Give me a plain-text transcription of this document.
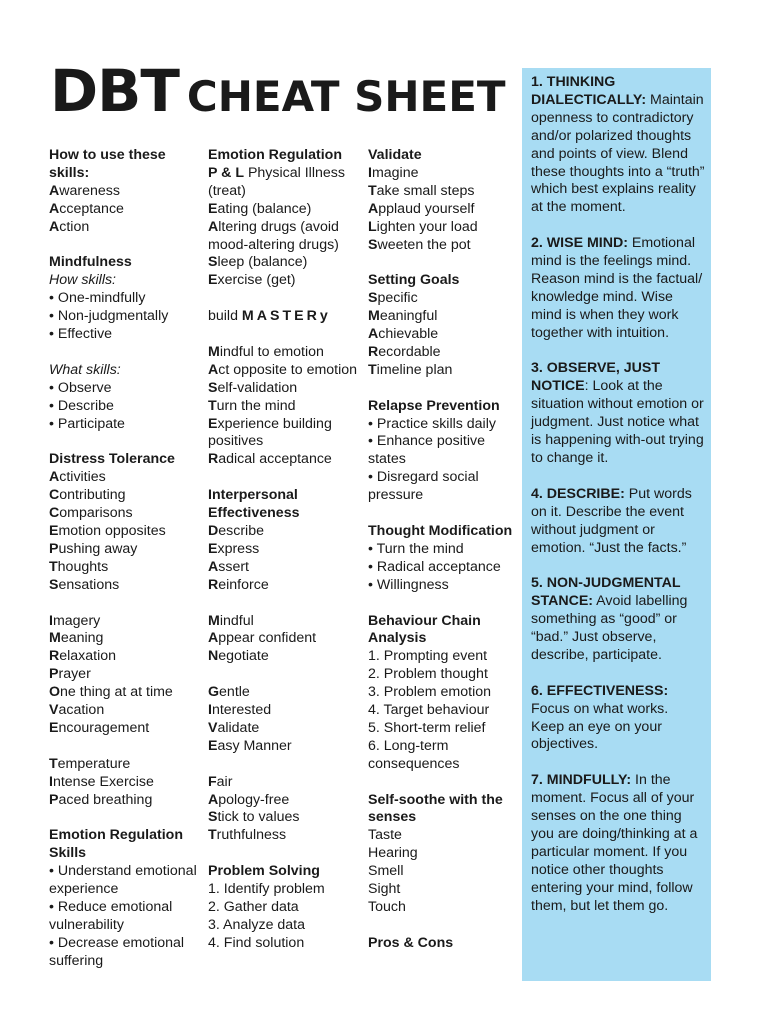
DBT CHEAT SHEET

How to use these skills:

Awareness

Acceptance

Action

Mindfulness

How skills:

• One-mindfully

• Non-judgmentally

• Effective

What skills:

• Observe

• Describe

• Participate

Distress Tolerance

Activities

Contributing

Comparisons

Emotion opposites

Pushing away

Thoughts

Sensations

Imagery

Meaning

Relaxation

Prayer

One thing at at time

Vacation

Encouragement

Temperature

Intense Exercise

Paced breathing

Emotion Regulation Skills

• Understand emotional experience

• Reduce emotional vulnerability

• Decrease emotional suffering

Emotion Regulation

P & L Physical Illness (treat)

Eating (balance)

Altering drugs (avoid mood-altering drugs)

Sleep (balance)

Exercise (get)

build MASTERy

Mindful to emotion

Act opposite to emotion

Self-validation

Turn the mind

Experience building positives

Radical acceptance

Interpersonal Effectiveness

Describe

Express

Assert

Reinforce

Mindful

Appear confident

Negotiate

Gentle

Interested

Validate

Easy Manner

Fair

Apology-free

Stick to values

Truthfulness

Problem Solving

1. Identify problem

2. Gather data

3. Analyze data

4. Find solution

Validate

Imagine

Take small steps

Applaud yourself

Lighten your load

Sweeten the pot

Setting Goals

Specific

Meaningful

Achievable

Recordable

Timeline plan

Relapse Prevention

• Practice skills daily

• Enhance positive states

• Disregard social pressure

Thought Modification

• Turn the mind

• Radical acceptance

• Willingness

Behaviour Chain Analysis

1. Prompting event

2. Problem thought

3. Problem emotion

4. Target behaviour

5. Short-term relief

6. Long-term consequences

Self-soothe with the senses

Taste

Hearing

Smell

Sight

Touch

Pros & Cons

1. THINKING DIALECTICALLY: Maintain openness to contradictory and/or polarized thoughts and points of view. Blend these thoughts into a “truth” which best explains reality at the moment.
2. WISE MIND: Emotional mind is the feelings mind. Reason mind is the factual/ knowledge mind. Wise mind is when they work together with intuition.
3. OBSERVE, JUST NOTICE: Look at the situation without emotion or judgment. Just notice what is happening with-out trying to change it.
4. DESCRIBE: Put words on it. Describe the event without judgment or emotion. “Just the facts.”
5. NON-JUDGMENTAL STANCE: Avoid labelling something as “good” or “bad.” Just observe, describe, participate.
6. EFFECTIVENESS: Focus on what works. Keep an eye on your objectives.
7. MINDFULLY: In the moment. Focus all of your senses on the one thing you are doing/thinking at a particular moment. If you notice other thoughts entering your mind, follow them, but let them go.
